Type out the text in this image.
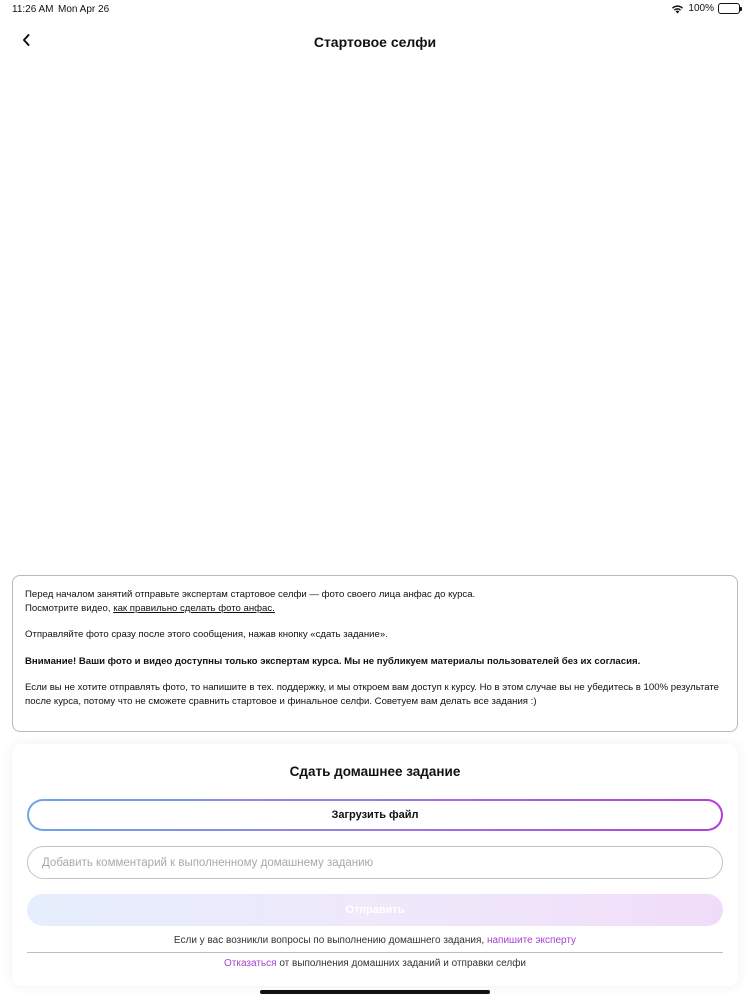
11:26 AM Mon Apr 26	100%
Стартовое селфи

Перед началом занятий отправьте экспертам стартовое селфи — фото своего лица анфас до курса.

Посмотрите видео, как правильно сделать фото анфас.

Отправляйте фото сразу после этого сообщения, нажав кнопку «сдать задание».

Внимание! Ваши фото и видео доступны только экспертам курса. Мы не публикуем материалы пользователей без их согласия.

Если вы не хотите отправлять фото, то напишите в тех. поддержку, и мы откроем вам доступ к курсу. Но в этом случае вы не убедитесь в 100% результате после курса, потому что не сможете сравнить стартовое и финальное селфи. Советуем вам делать все задания :)

Сдать домашнее задание
Загрузить файл
Добавить комментарий к выполненному домашнему заданию
Отправить
Если у вас возникли вопросы по выполнению домашнего задания, напишите эксперту
Отказаться от выполнения домашних заданий и отправки селфи
